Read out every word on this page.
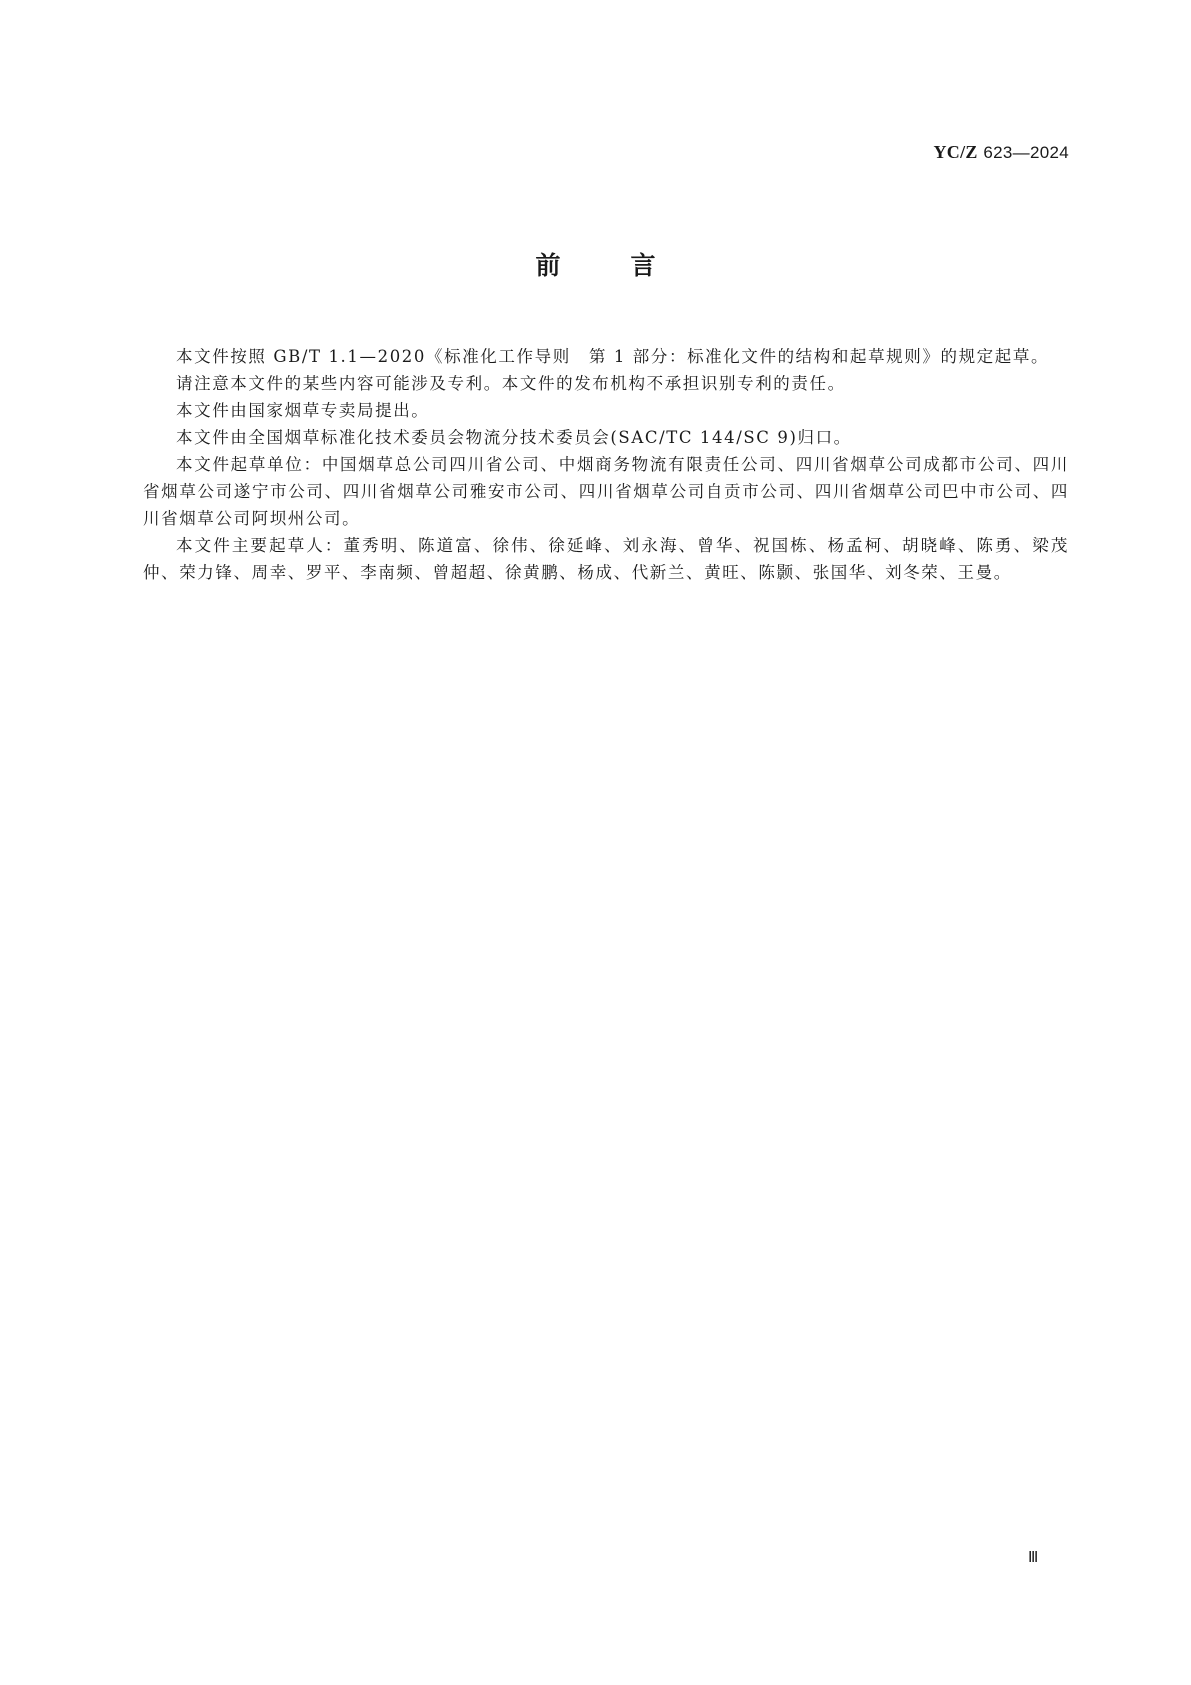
YC/Z 623—2024
前	言

本文件按照 GB/T 1.1—2020《标准化工作导则　第 1 部分：标准化文件的结构和起草规则》的规定起草。

请注意本文件的某些内容可能涉及专利。本文件的发布机构不承担识别专利的责任。

本文件由国家烟草专卖局提出。

本文件由全国烟草标准化技术委员会物流分技术委员会(SAC/TC 144/SC 9)归口。

本文件起草单位：中国烟草总公司四川省公司、中烟商务物流有限责任公司、四川省烟草公司成都市公司、四川省烟草公司遂宁市公司、四川省烟草公司雅安市公司、四川省烟草公司自贡市公司、四川省烟草公司巴中市公司、四川省烟草公司阿坝州公司。

本文件主要起草人：董秀明、陈道富、徐伟、徐延峰、刘永海、曾华、祝国栋、杨孟柯、胡晓峰、陈勇、梁茂仲、荣力锋、周幸、罗平、李南频、曾超超、徐黄鹏、杨成、代新兰、黄旺、陈颢、张国华、刘冬荣、王曼。

Ⅲ
